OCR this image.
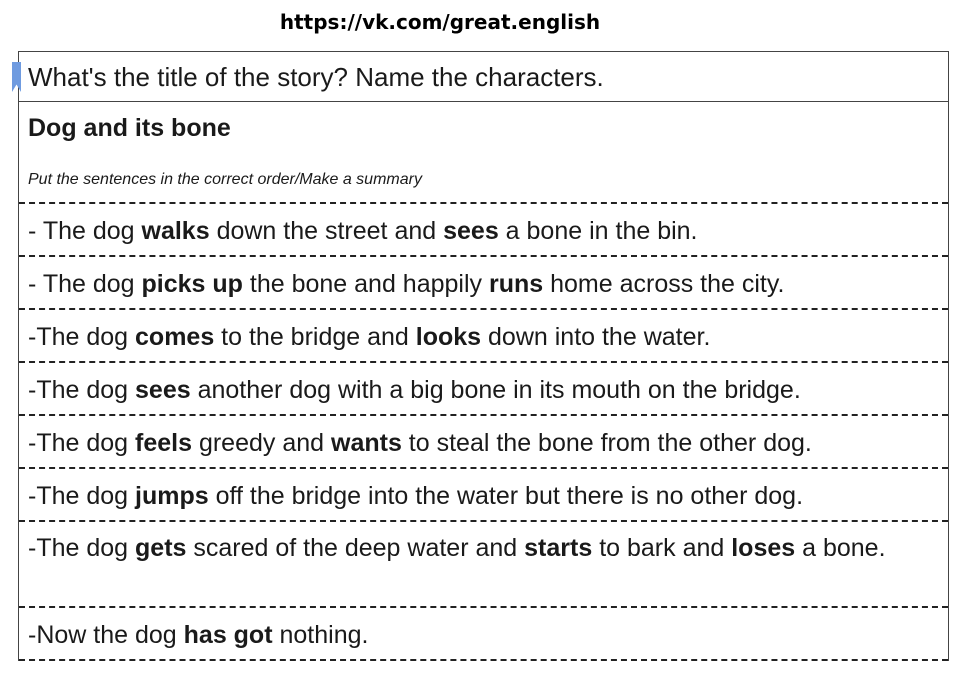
https://vk.com/great.english
What's the title of the story? Name the characters.
Dog and its bone
Put the sentences in the correct order/Make a summary
- The dog walks down the street and sees a bone in the bin.
- The dog picks up the bone and happily runs home across the city.
-The dog comes to the bridge and looks down into the water.
-The dog sees another dog with a big bone in its mouth on the bridge.
-The dog feels greedy and wants to steal the bone from the other dog.
-The dog jumps off the bridge into the water but there is no other dog.
-The dog gets scared of the deep water and starts to bark and loses a bone.
-Now the dog has got nothing.
